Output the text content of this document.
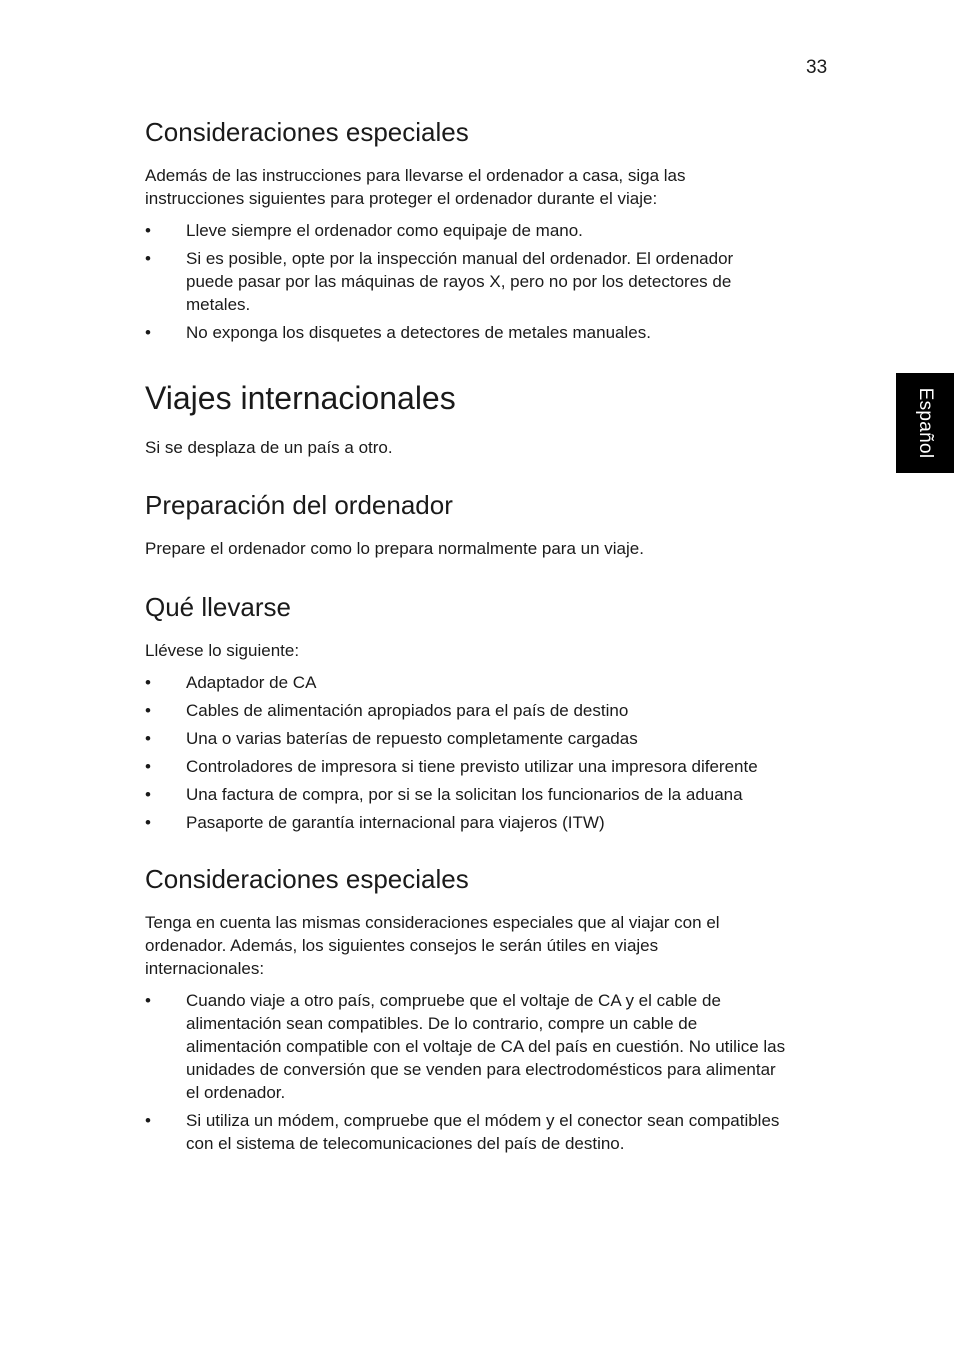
33
Español
Consideraciones especiales

Además de las instrucciones para llevarse el ordenador a casa, siga las
instrucciones siguientes para proteger el ordenador durante el viaje:

• Lleve siempre el ordenador como equipaje de mano.
• Si es posible, opte por la inspección manual del ordenador. El ordenador
puede pasar por las máquinas de rayos X, pero no por los detectores de
metales.
• No exponga los disquetes a detectores de metales manuales.
Viajes internacionales

Si se desplaza de un país a otro.

Preparación del ordenador

Prepare el ordenador como lo prepara normalmente para un viaje.

Qué llevarse

Llévese lo siguiente:

• Adaptador de CA
• Cables de alimentación apropiados para el país de destino
• Una o varias baterías de repuesto completamente cargadas
• Controladores de impresora si tiene previsto utilizar una impresora diferente
• Una factura de compra, por si se la solicitan los funcionarios de la aduana
• Pasaporte de garantía internacional para viajeros (ITW)
Consideraciones especiales

Tenga en cuenta las mismas consideraciones especiales que al viajar con el
ordenador. Además, los siguientes consejos le serán útiles en viajes
internacionales:

• Cuando viaje a otro país, compruebe que el voltaje de CA y el cable de
alimentación sean compatibles. De lo contrario, compre un cable de
alimentación compatible con el voltaje de CA del país en cuestión. No utilice las
unidades de conversión que se venden para electrodomésticos para alimentar
el ordenador.
• Si utiliza un módem, compruebe que el módem y el conector sean compatibles
con el sistema de telecomunicaciones del país de destino.
